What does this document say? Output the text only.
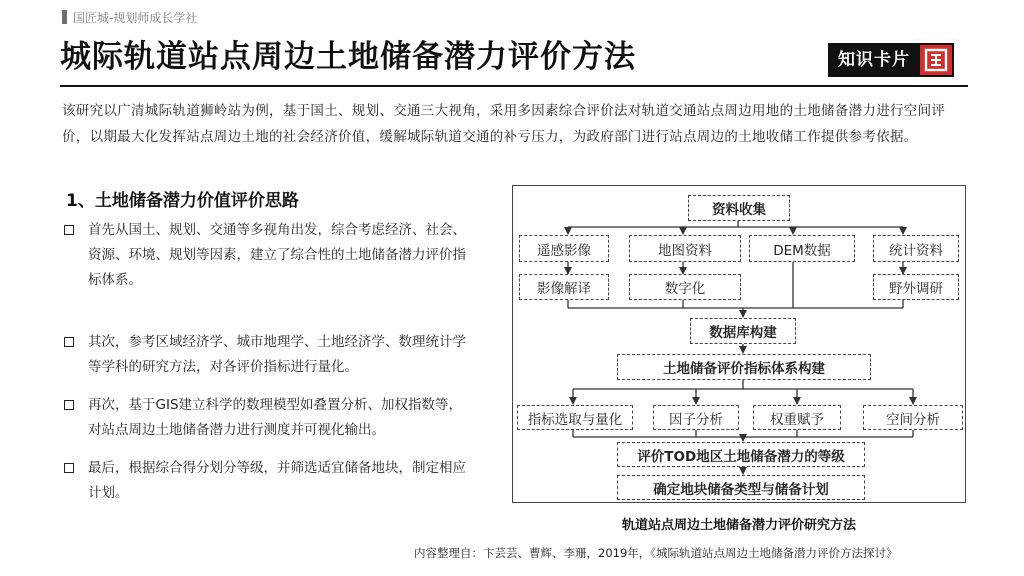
国匠城-规划师成长学社
城际轨道站点周边土地储备潜力评价方法	知识卡片

该研究以广清城际轨道狮岭站为例，基于国土、规划、交通三大视角，采用多因素综合评价法对轨道交通站点周边用地的土地储备潜力进行空间评价，以期最大化发挥站点周边土地的社会经济价值，缓解城际轨道交通的补亏压力，为政府部门进行站点周边的土地收储工作提供参考依据。

1、土地储备潜力价值评价思路
首先从国土、规划、交通等多视角出发，综合考虑经济、社会、资源、环境、规划等因素，建立了综合性的土地储备潜力评价指标体系。
其次，参考区域经济学、城市地理学、土地经济学、数理统计学等学科的研究方法，对各评价指标进行量化。
再次，基于GIS建立科学的数理模型如叠置分析、加权指数等，对站点周边土地储备潜力进行测度并可视化输出。
最后，根据综合得分划分等级，并筛选适宜储备地块，制定相应计划。
资料收集
遥感影像	地图资料	DEM数据	统计资料
影像解译	数字化	野外调研
数据库构建
土地储备评价指标体系构建
指标选取与量化	因子分析	权重赋予	空间分析
评价TOD地区土地储备潜力的等级
确定地块储备类型与储备计划
轨道站点周边土地储备潜力评价研究方法
内容整理自：卞芸芸、曹辉、李珊，2019年，《城际轨道站点周边土地储备潜力评价方法探讨》
